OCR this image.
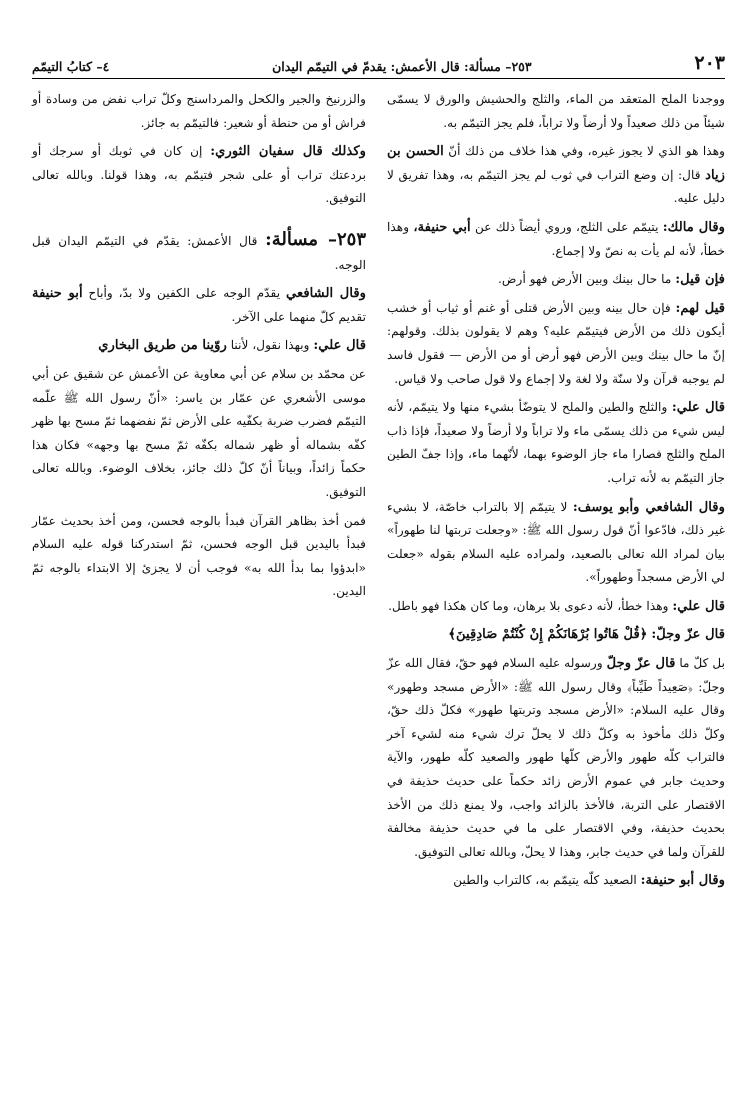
٢٠٣
٢٥٣– مسألة: قال الأعمش: يقدمّ في التيمّم اليدان
٤– كتابُ التيمّم

ووجدنا الملح المتعقد من الماء، والثلج والحشيش والورق لا يسمّى شيئاً من ذلك صعيداً ولا أرضاً ولا تراباً، فلم يجز التيمّم به.

وهذا هو الذي لا يجوز غيره، وفي هذا خلاف من ذلك أنّ الحسن بن زياد قال: إن وضع التراب في ثوب لم يجز التيمّم به، وهذا تفريق لا دليل عليه.

وقال مالك: يتيمّم على الثلج، وروي أيضاً ذلك عن أبي حنيفة، وهذا خطأ، لأنه لم يأت به نصّ ولا إجماع.

فإن قيل: ما حال بينك وبين الأرض فهو أرض.

قيل لهم: فإن حال بينه وبين الأرض قتلى أو غنم أو ثياب أو خشب أيكون ذلك من الأرض فيتيمّم عليه؟ وهم لا يقولون بذلك. وقولهم: إنّ ما حال بينك وبين الأرض فهو أرض أو من الأرض — فقول فاسد لم يوجبه قرآن ولا سنّة ولا لغة ولا إجماع ولا قول صاحب ولا قياس.

قال علي: والثلج والطين والملح لا يتوضّأ بشيء منها ولا يتيمّم، لأنه ليس شيء من ذلك يسمّى ماء ولا تراباً ولا أرضاً ولا صعيداً، فإذا ذاب الملح والثلج فصارا ماء جاز الوضوء بهما، لأنّهما ماء، وإذا جفّ الطين جاز التيمّم به لأنه تراب.

وقال الشافعي وأبو يوسف: لا يتيمّم إلا بالتراب خاصّة، لا بشيء غير ذلك، فادّعوا أنّ قول رسول الله ﷺ: «وجعلت تربتها لنا طهوراً» بيان لمراد الله تعالى بالصعيد، ولمراده عليه السلام بقوله «جعلت لي الأرض مسجداً وطهوراً».

قال علي: وهذا خطأ، لأنه دعوى بلا برهان، وما كان هكذا فهو باطل.

قال عزّ وجلّ: ﴿قُلْ هَاتُوا بُرْهَانَكُمْ إِنْ كُنْتُمْ صَادِقِينَ﴾

بل كلّ ما قال عزّ وجلّ ورسوله عليه السلام فهو حقّ، فقال الله عزّ وجلّ: ﴿صَعِيداً طَيِّباً﴾ وقال رسول الله ﷺ: «الأرض مسجد وطهور» وقال عليه السلام: «الأرض مسجد وتربتها طهور» فكلّ ذلك حقّ، وكلّ ذلك مأخوذ به وكلّ ذلك لا يحلّ ترك شيء منه لشيء آخر فالتراب كلّه طهور والأرض كلّها طهور والصعيد كلّه طهور، والآية وحديث جابر في عموم الأرض زائد حكماً على حديث حذيفة في الاقتصار على التربة، فالأخذ بالزائد واجب، ولا يمنع ذلك من الأخذ بحديث حذيفة، وفي الاقتصار على ما في حديث حذيفة مخالفة للقرآن ولما في حديث جابر، وهذا لا يحلّ، وبالله تعالى التوفيق.

وقال أبو حنيفة: الصعيد كلّه يتيمّم به، كالتراب والطين

والزرنيخ والجير والكحل والمرداسنج وكلّ تراب نفض من وسادة أو فراش أو من حنطة أو شعير: فالتيمّم به جائز.

وكذلك قال سفيان الثوري: إن كان في ثوبك أو سرجك أو بردعتك تراب أو على شجر فتيمّم به، وهذا قولنا. وبالله تعالى التوفيق.

٢٥٣– مسألة: قال الأعمش: يقدّم في التيمّم اليدان قبل الوجه.

وقال الشافعي يقدّم الوجه على الكفين ولا بدّ، وأباح أبو حنيفة تقديم كلّ منهما على الآخر.

قال علي: وبهذا نقول، لأننا روّينا من طريق البخاري

عن محمّد بن سلام عن أبي معاوية عن الأعمش عن شقيق عن أبي موسى الأشعري عن عمّار بن ياسر: «أنّ رسول الله ﷺ علّمه التيمّم فضرب ضربة بكفّيه على الأرض ثمّ نفضهما ثمّ مسح بها ظهر كفّه بشماله أو ظهر شماله بكفّه ثمّ مسح بها وجهه» فكان هذا حكماً زائداً، وبياناً أنّ كلّ ذلك جائز، بخلاف الوضوء. وبالله تعالى التوفيق.

فمن أخذ بظاهر القرآن فبدأ بالوجه فحسن، ومن أخذ بحديث عمّار فبدأ باليدين قبل الوجه فحسن، ثمّ استدركنا قوله عليه السلام «ابدؤوا بما بدأ الله به» فوجب أن لا يجزئ إلا الابتداء بالوجه ثمّ اليدين.
